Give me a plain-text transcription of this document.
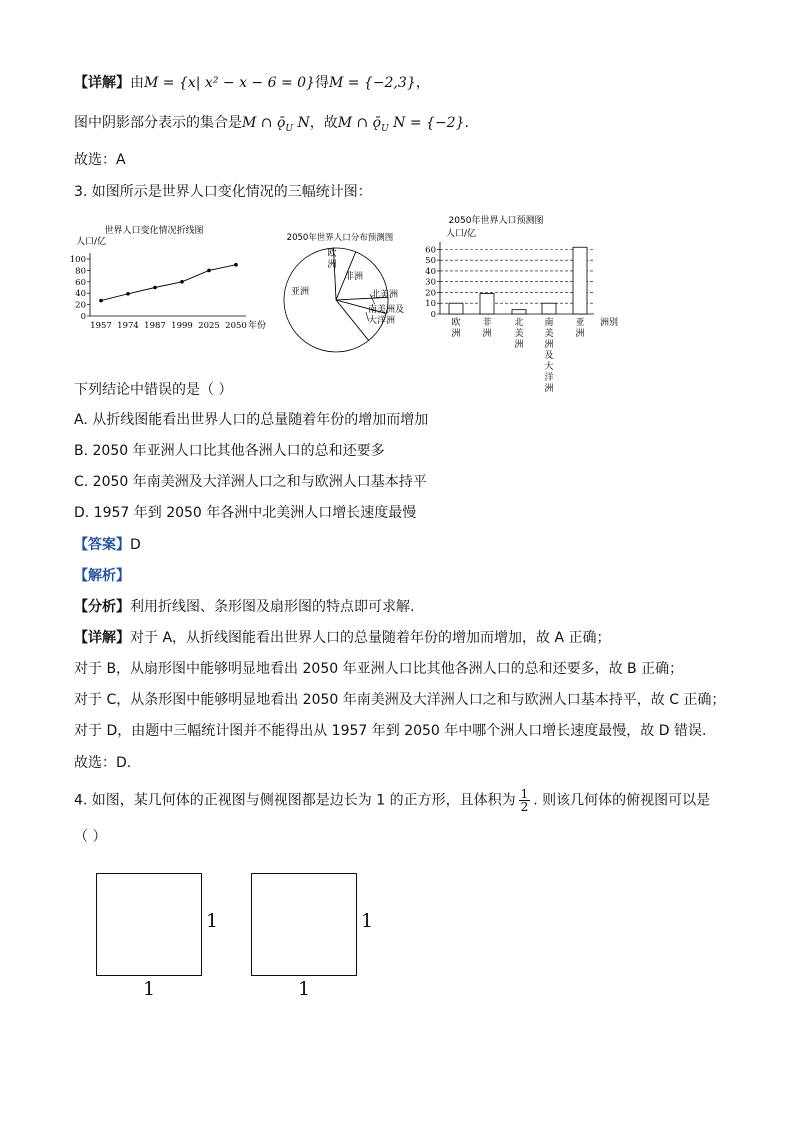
【详解】由M = {x| x² − x − 6 = 0}得M = {−2,3}，
图中阴影部分表示的集合是M ∩ $ǭ_U$ N，故M ∩ $ǭ_U$ N = {−2}.
故选：A
3. 如图所示是世界人口变化情况的三幅统计图：
世界人口变化情况折线图
人口/亿
年份
0
20
40
60
80
100
1957 1974 1987 1999 2025 2050
2050年世界人口分布预测图
欧洲
非洲
北美洲
南美洲及大洋洲
亚洲
2050年世界人口预测图
人口/亿
洲别
0
10
20
30
40
50
60
欧洲
非洲
北美洲
南美洲及大洋洲
亚洲
下列结论中错误的是（ ）
A. 从折线图能看出世界人口的总量随着年份的增加而增加
B. 2050 年亚洲人口比其他各洲人口的总和还要多
C. 2050 年南美洲及大洋洲人口之和与欧洲人口基本持平
D. 1957 年到 2050 年各洲中北美洲人口增长速度最慢
【答案】D
【解析】
【分析】利用折线图、条形图及扇形图的特点即可求解.
【详解】对于 A，从折线图能看出世界人口的总量随着年份的增加而增加，故 A 正确；
对于 B，从扇形图中能够明显地看出 2050 年亚洲人口比其他各洲人口的总和还要多，故 B 正确；
对于 C，从条形图中能够明显地看出 2050 年南美洲及大洋洲人口之和与欧洲人口基本持平，故 C 正确；
对于 D，由题中三幅统计图并不能得出从 1957 年到 2050 年中哪个洲人口增长速度最慢，故 D 错误.
故选：D.
4. 如图，某几何体的正视图与侧视图都是边长为 1 的正方形，且体积为 $\frac{1}{2}$ . 则该几何体的俯视图可以是
（ ）
1
1
1
1
